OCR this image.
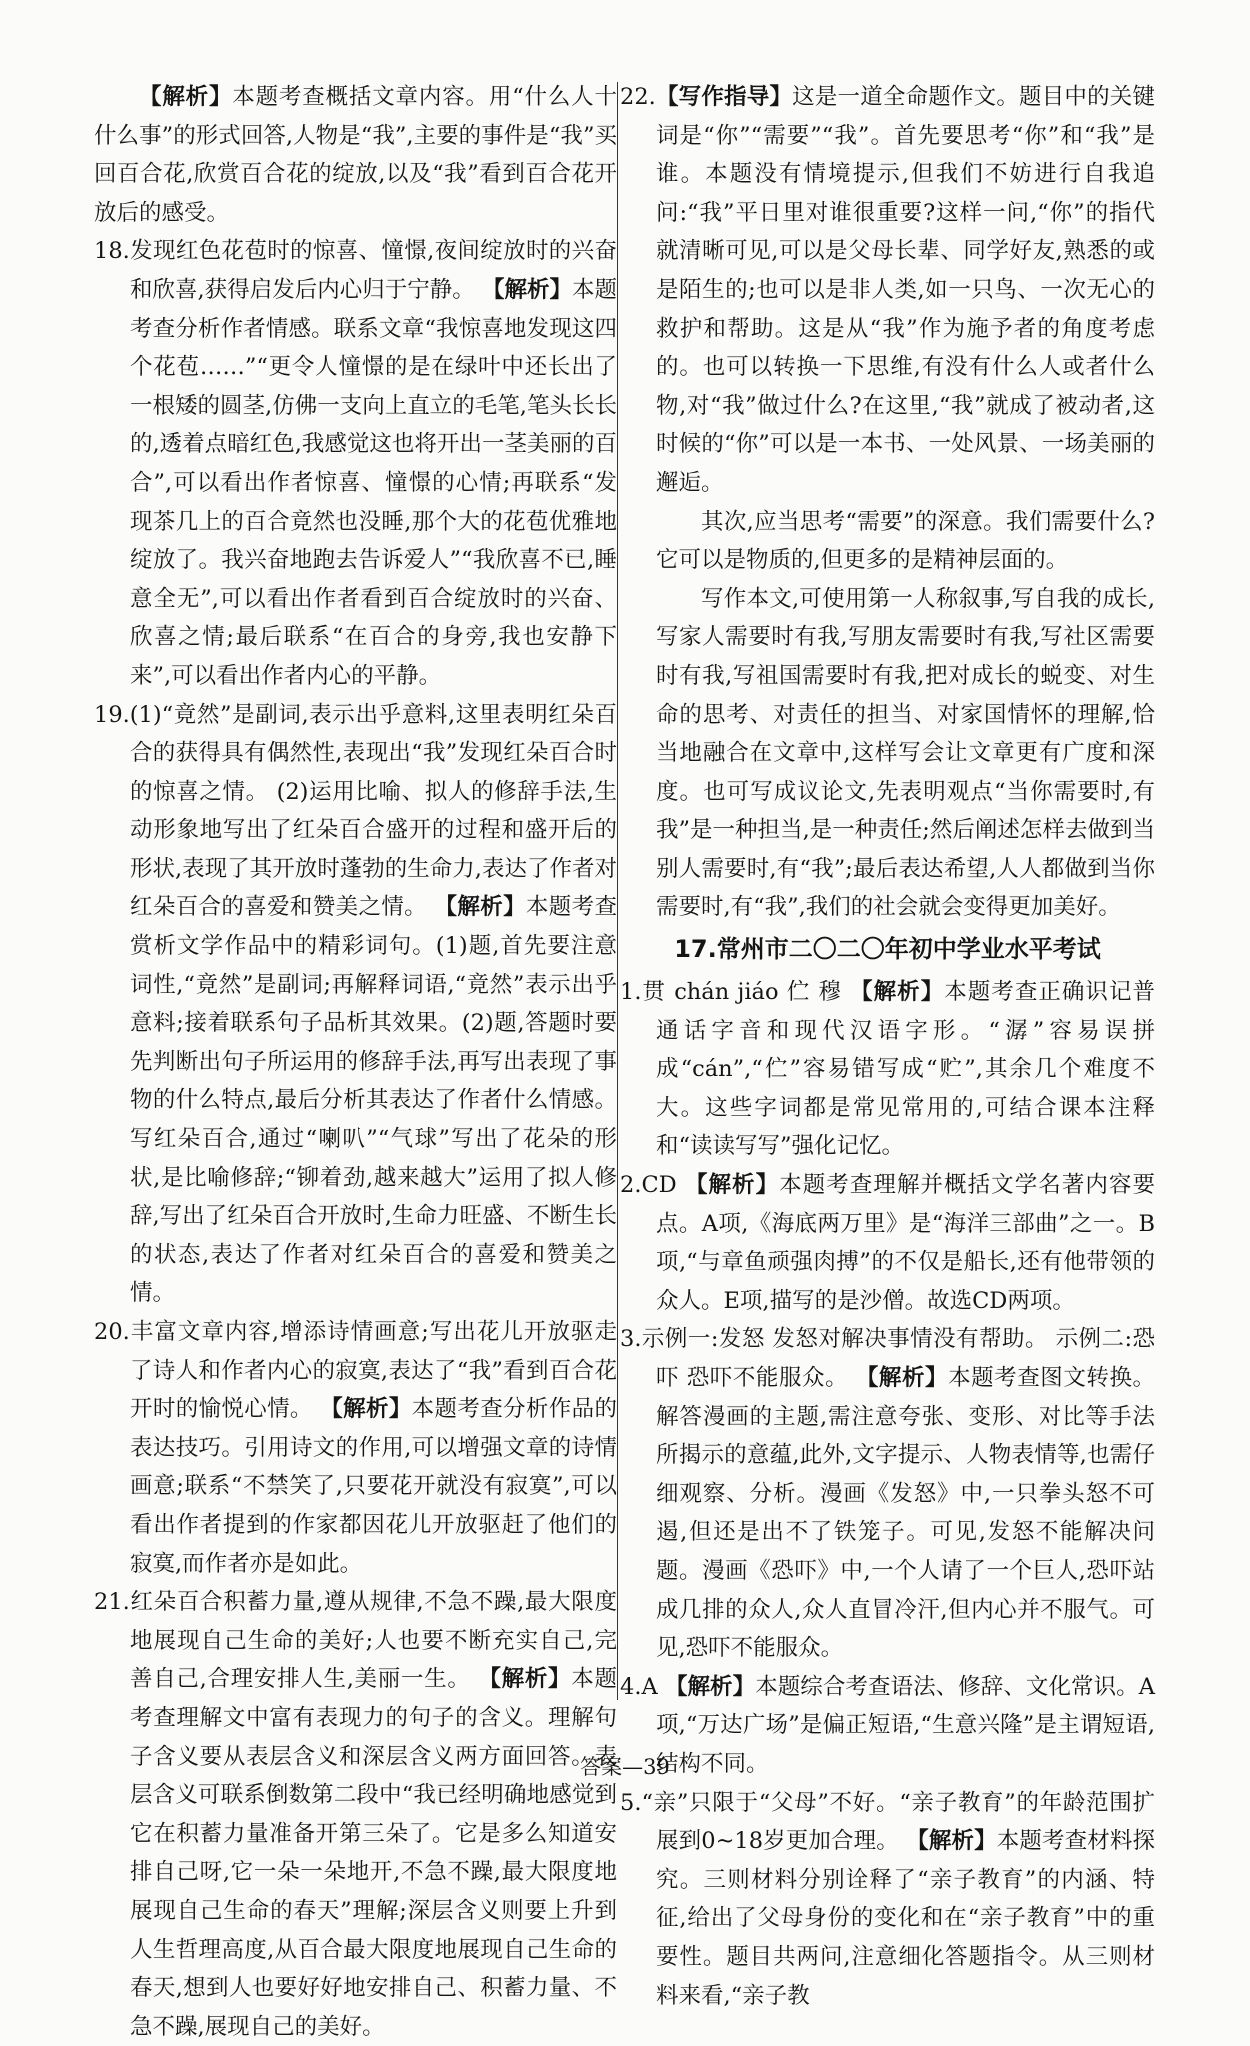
【解析】本题考查概括文章内容。用“什么人十什么事”的形式回答,人物是“我”,主要的事件是“我”买回百合花,欣赏百合花的绽放,以及“我”看到百合花开放后的感受。

18.发现红色花苞时的惊喜、憧憬,夜间绽放时的兴奋和欣喜,获得启发后内心归于宁静。 【解析】本题考查分析作者情感。联系文章“我惊喜地发现这四个花苞……”“更令人憧憬的是在绿叶中还长出了一根矮的圆茎,仿佛一支向上直立的毛笔,笔头长长的,透着点暗红色,我感觉这也将开出一茎美丽的百合”,可以看出作者惊喜、憧憬的心情;再联系“发现茶几上的百合竟然也没睡,那个大的花苞优雅地绽放了。我兴奋地跑去告诉爱人”“我欣喜不已,睡意全无”,可以看出作者看到百合绽放时的兴奋、欣喜之情;最后联系“在百合的身旁,我也安静下来”,可以看出作者内心的平静。

19.(1)“竟然”是副词,表示出乎意料,这里表明红朵百合的获得具有偶然性,表现出“我”发现红朵百合时的惊喜之情。 (2)运用比喻、拟人的修辞手法,生动形象地写出了红朵百合盛开的过程和盛开后的形状,表现了其开放时蓬勃的生命力,表达了作者对红朵百合的喜爱和赞美之情。 【解析】本题考查赏析文学作品中的精彩词句。(1)题,首先要注意词性,“竟然”是副词;再解释词语,“竟然”表示出乎意料;接着联系句子品析其效果。(2)题,答题时要先判断出句子所运用的修辞手法,再写出表现了事物的什么特点,最后分析其表达了作者什么情感。写红朵百合,通过“喇叭”“气球”写出了花朵的形状,是比喻修辞;“铆着劲,越来越大”运用了拟人修辞,写出了红朵百合开放时,生命力旺盛、不断生长的状态,表达了作者对红朵百合的喜爱和赞美之情。

20.丰富文章内容,增添诗情画意;写出花儿开放驱走了诗人和作者内心的寂寞,表达了“我”看到百合花开时的愉悦心情。 【解析】本题考查分析作品的表达技巧。引用诗文的作用,可以增强文章的诗情画意;联系“不禁笑了,只要花开就没有寂寞”,可以看出作者提到的作家都因花儿开放驱赶了他们的寂寞,而作者亦是如此。

21.红朵百合积蓄力量,遵从规律,不急不躁,最大限度地展现自己生命的美好;人也要不断充实自己,完善自己,合理安排人生,美丽一生。 【解析】本题考查理解文中富有表现力的句子的含义。理解句子含义要从表层含义和深层含义两方面回答。表层含义可联系倒数第二段中“我已经明确地感觉到它在积蓄力量准备开第三朵了。它是多么知道安排自己呀,它一朵一朵地开,不急不躁,最大限度地展现自己生命的春天”理解;深层含义则要上升到人生哲理高度,从百合最大限度地展现自己生命的春天,想到人也要好好地安排自己、积蓄力量、不急不躁,展现自己的美好。

22.【写作指导】这是一道全命题作文。题目中的关键词是“你”“需要”“我”。首先要思考“你”和“我”是谁。本题没有情境提示,但我们不妨进行自我追问:“我”平日里对谁很重要?这样一问,“你”的指代就清晰可见,可以是父母长辈、同学好友,熟悉的或是陌生的;也可以是非人类,如一只鸟、一次无心的救护和帮助。这是从“我”作为施予者的角度考虑的。也可以转换一下思维,有没有什么人或者什么物,对“我”做过什么?在这里,“我”就成了被动者,这时候的“你”可以是一本书、一处风景、一场美丽的邂逅。

其次,应当思考“需要”的深意。我们需要什么?它可以是物质的,但更多的是精神层面的。

写作本文,可使用第一人称叙事,写自我的成长,写家人需要时有我,写朋友需要时有我,写社区需要时有我,写祖国需要时有我,把对成长的蜕变、对生命的思考、对责任的担当、对家国情怀的理解,恰当地融合在文章中,这样写会让文章更有广度和深度。也可写成议论文,先表明观点“当你需要时,有我”是一种担当,是一种责任;然后阐述怎样去做到当别人需要时,有“我”;最后表达希望,人人都做到当你需要时,有“我”,我们的社会就会变得更加美好。

17.常州市二〇二〇年初中学业水平考试

1.贯 chán jiáo 伫 穆 【解析】本题考查正确识记普通话字音和现代汉语字形。“潺”容易误拼成“cán”,“伫”容易错写成“贮”,其余几个难度不大。这些字词都是常见常用的,可结合课本注释和“读读写写”强化记忆。

2.CD 【解析】本题考查理解并概括文学名著内容要点。A项,《海底两万里》是“海洋三部曲”之一。B项,“与章鱼顽强肉搏”的不仅是船长,还有他带领的众人。E项,描写的是沙僧。故选CD两项。

3.示例一:发怒 发怒对解决事情没有帮助。 示例二:恐吓 恐吓不能服众。 【解析】本题考查图文转换。解答漫画的主题,需注意夸张、变形、对比等手法所揭示的意蕴,此外,文字提示、人物表情等,也需仔细观察、分析。漫画《发怒》中,一只拳头怒不可遏,但还是出不了铁笼子。可见,发怒不能解决问题。漫画《恐吓》中,一个人请了一个巨人,恐吓站成几排的众人,众人直冒冷汗,但内心并不服气。可见,恐吓不能服众。

4.A 【解析】本题综合考查语法、修辞、文化常识。A项,“万达广场”是偏正短语,“生意兴隆”是主谓短语,结构不同。

5.“亲”只限于“父母”不好。“亲子教育”的年龄范围扩展到0~18岁更加合理。 【解析】本题考查材料探究。三则材料分别诠释了“亲子教育”的内涵、特征,给出了父母身份的变化和在“亲子教育”中的重要性。题目共两问,注意细化答题指令。从三则材料来看,“亲子教

答案—39
